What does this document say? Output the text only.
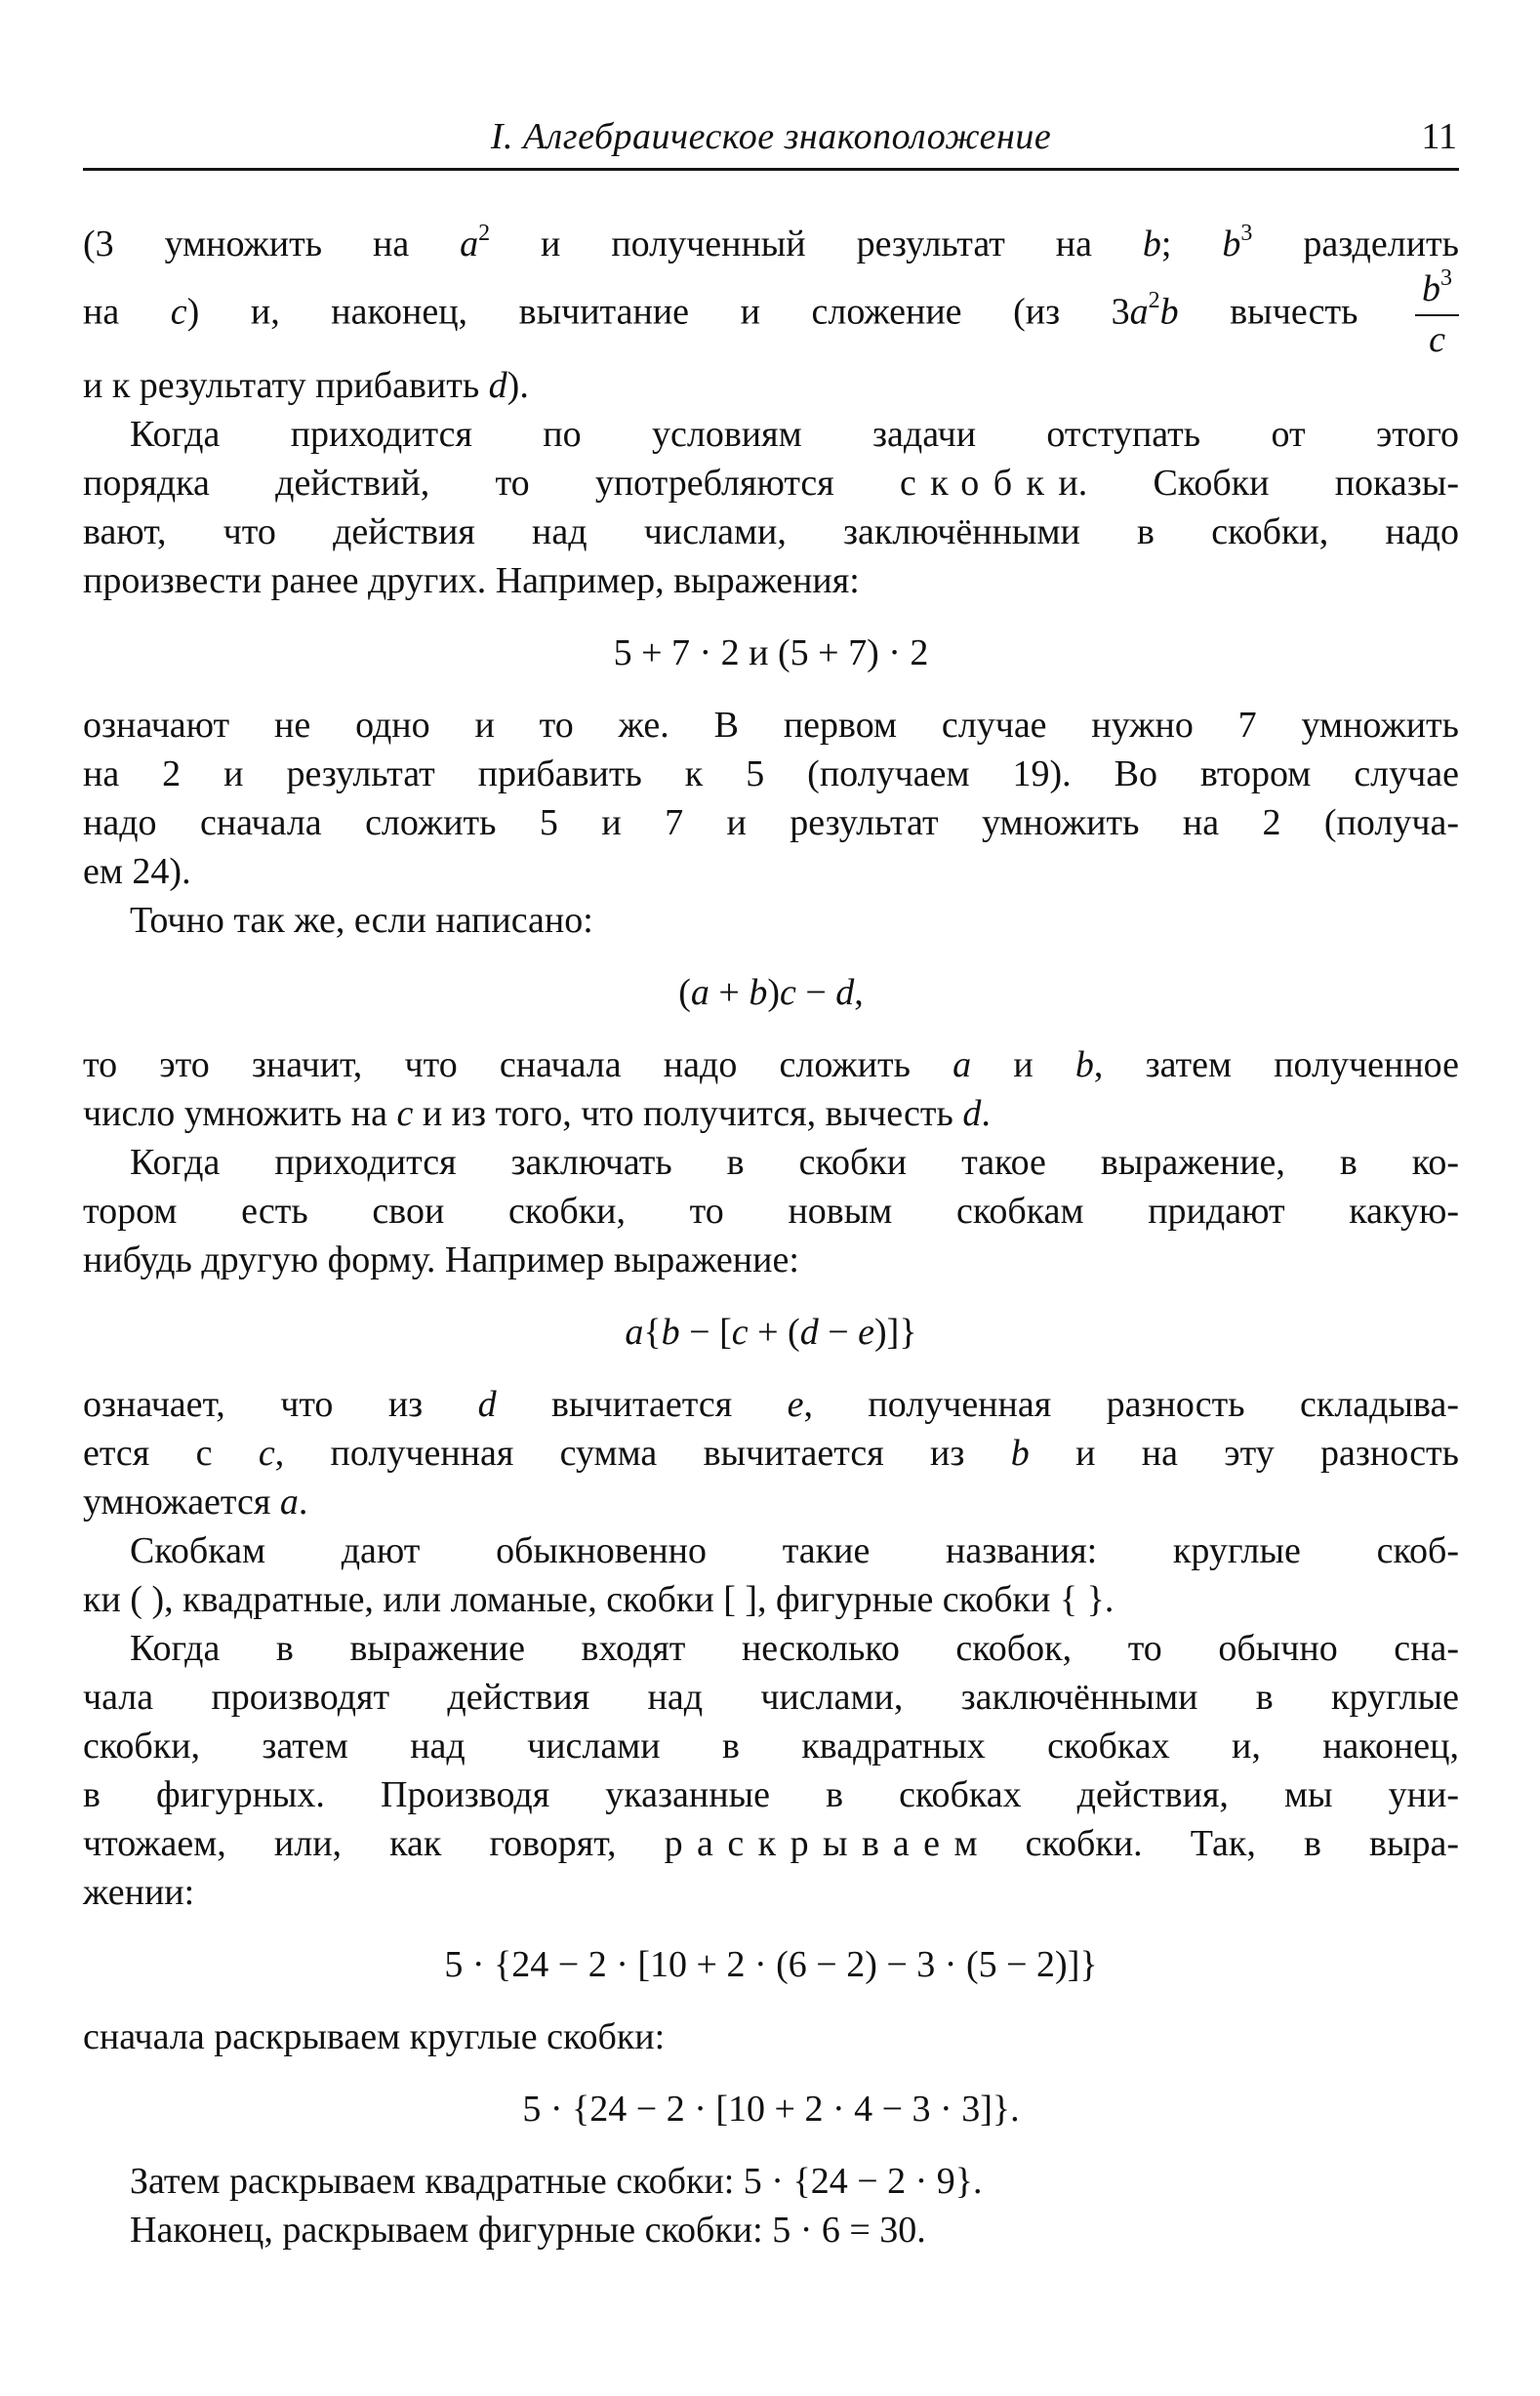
I. Алгебраическое знакоположение	11
(3 умножить на $a^2$ и полученный результат на b; $b^3$ разделить
на c) и, наконец, вычитание и сложение (из $3a^2b$ вычесть $\frac{b^3}{c}$
и к результату прибавить d).
Когда приходится по условиям задачи отступать от этого
порядка действий, то употребляются скобки. Скобки показы-
вают, что действия над числами, заключёнными в скобки, надо
произвести ранее других. Например, выражения:
5 + 7 · 2 и (5 + 7) · 2
означают не одно и то же. В первом случае нужно 7 умножить
на 2 и результат прибавить к 5 (получаем 19). Во втором случае
надо сначала сложить 5 и 7 и результат умножить на 2 (получа-
ем 24).
Точно так же, если написано:
(a + b)c − d,
то это значит, что сначала надо сложить a и b, затем полученное
число умножить на c и из того, что получится, вычесть d.
Когда приходится заключать в скобки такое выражение, в ко-
тором есть свои скобки, то новым скобкам придают какую-
нибудь другую форму. Например выражение:
a{b − [c + (d − e)]}
означает, что из d вычитается e, полученная разность складыва-
ется с c, полученная сумма вычитается из b и на эту разность
умножается a.
Скобкам дают обыкновенно такие названия: круглые скоб-
ки ( ), квадратные, или ломаные, скобки [ ], фигурные скобки { }.
Когда в выражение входят несколько скобок, то обычно сна-
чала производят действия над числами, заключёнными в круглые
скобки, затем над числами в квадратных скобках и, наконец,
в фигурных. Производя указанные в скобках действия, мы уни-
чтожаем, или, как говорят, раскрываем скобки. Так, в выра-
жении:
5 · {24 − 2 · [10 + 2 · (6 − 2) − 3 · (5 − 2)]}
сначала раскрываем круглые скобки:
5 · {24 − 2 · [10 + 2 · 4 − 3 · 3]}.
Затем раскрываем квадратные скобки: 5 · {24 − 2 · 9}.
Наконец, раскрываем фигурные скобки: 5 · 6 = 30.
